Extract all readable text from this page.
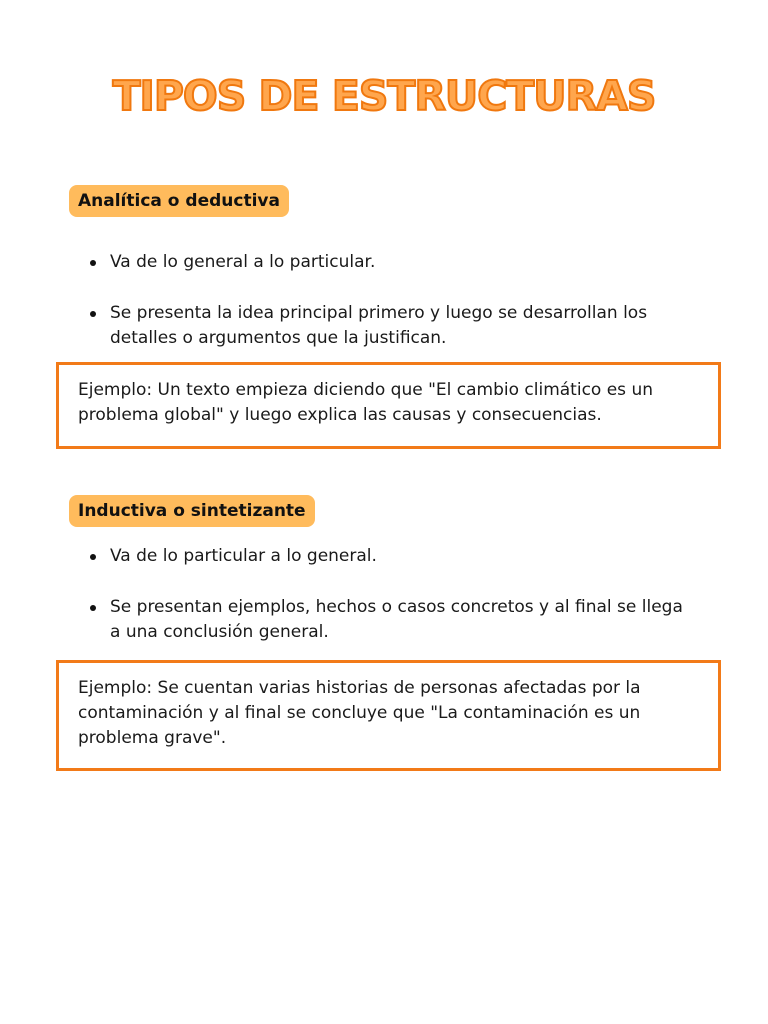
TIPOS DE ESTRUCTURAS
Analítica o deductiva
Va de lo general a lo particular.
Se presenta la idea principal primero y luego se desarrollan los detalles o argumentos que la justifican.

Ejemplo: Un texto empieza diciendo que "El cambio climático es un problema global" y luego explica las causas y consecuencias.

Inductiva o sintetizante
Va de lo particular a lo general.
Se presentan ejemplos, hechos o casos concretos y al final se llega a una conclusión general.

Ejemplo: Se cuentan varias historias de personas afectadas por la contaminación y al final se concluye que "La contaminación es un problema grave".
